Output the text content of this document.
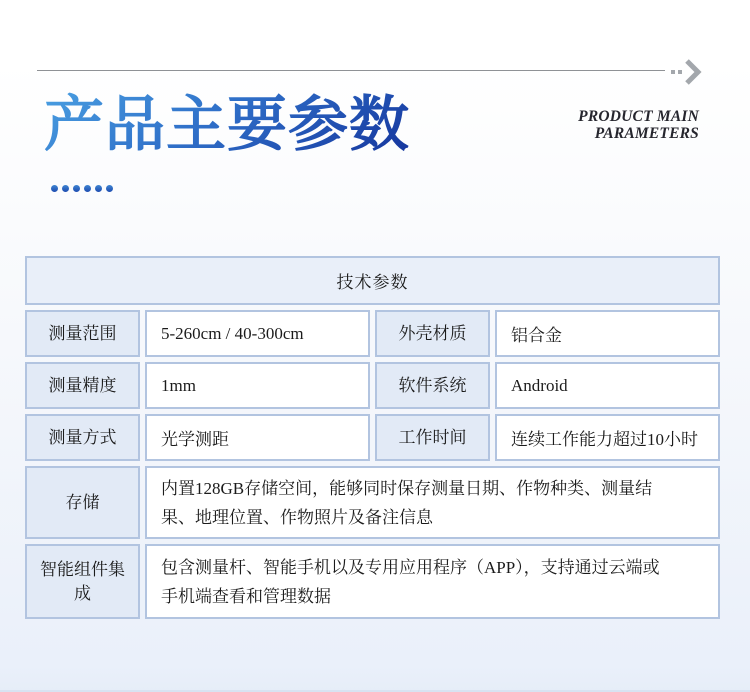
产品主要参数	PRODUCT MAIN
PARAMETERS
技术参数			
测量范围	5-260cm / 40-300cm	外壳材质	铝合金
测量精度	1mm	软件系统	Android
测量方式	光学测距	工作时间	连续工作能力超过10小时
存储	内置128GB存储空间，能够同时保存测量日期、作物种类、测量结果、地理位置、作物照片及备注信息		
智能组件集成	包含测量杆、智能手机以及专用应用程序（APP），支持通过云端或手机端查看和管理数据		
